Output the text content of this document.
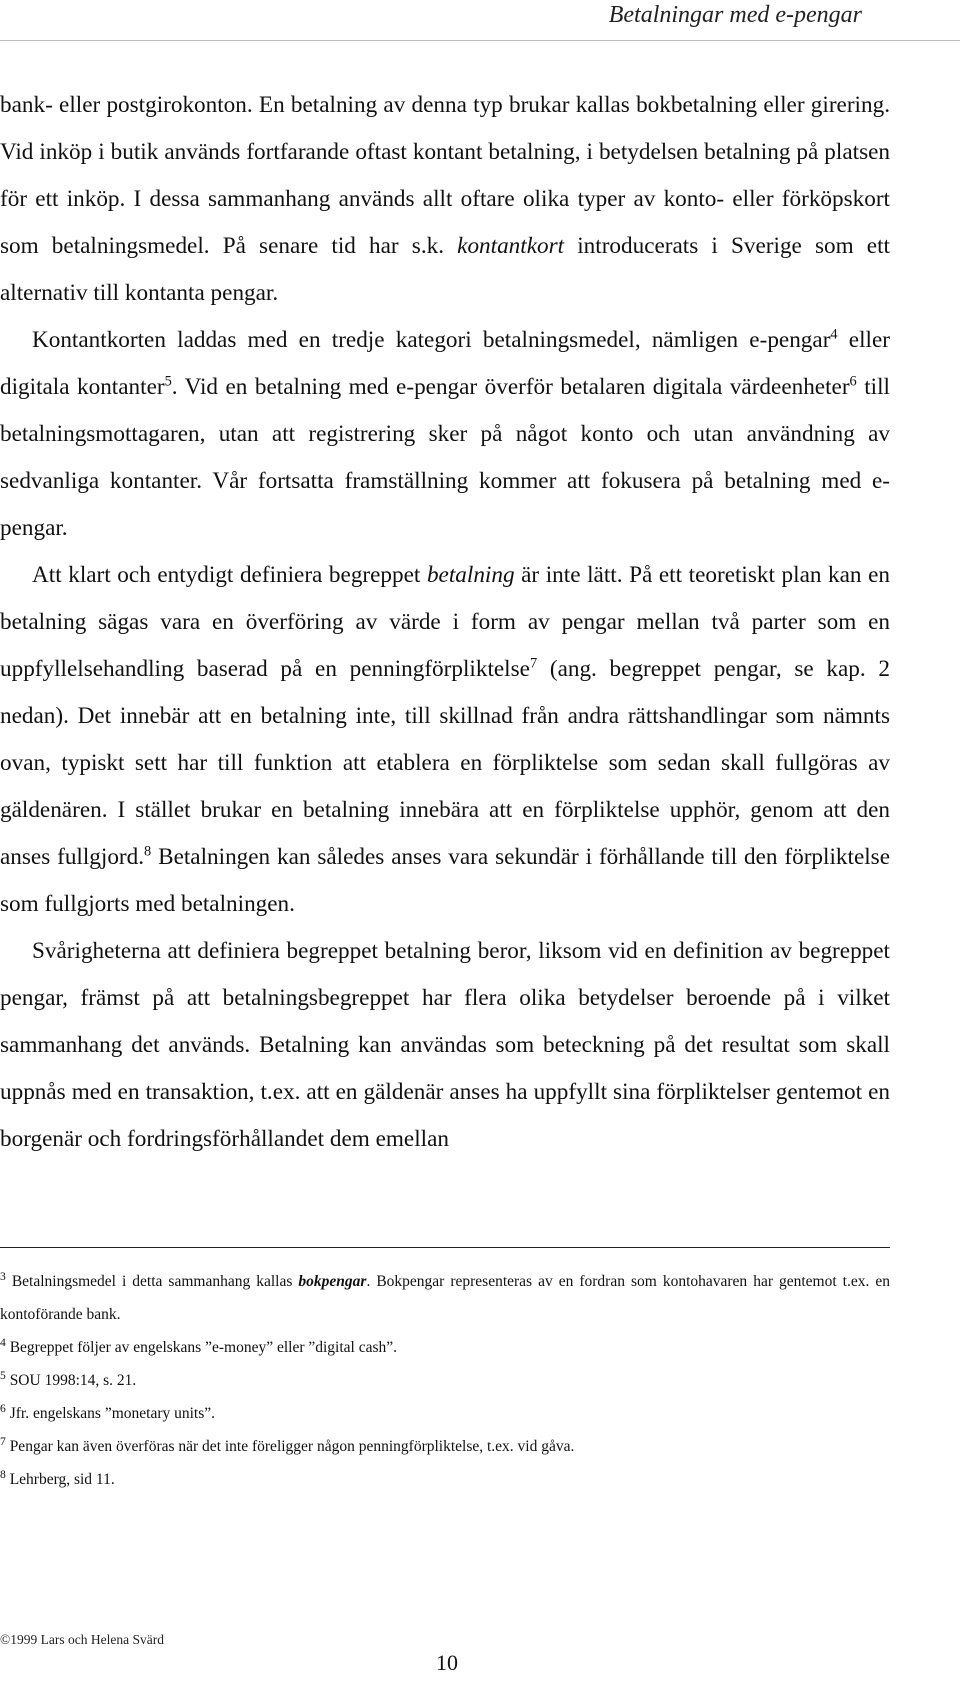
Betalningar med e-pengar

bank- eller postgirokonton. En betalning av denna typ brukar kallas bokbetalning eller girering. Vid inköp i butik används fortfarande oftast kontant betalning, i betydelsen betalning på platsen för ett inköp. I dessa sammanhang används allt oftare olika typer av konto- eller förköpskort som betalningsmedel. På senare tid har s.k. kontantkort introducerats i Sverige som ett alternativ till kontanta pengar.

Kontantkorten laddas med en tredje kategori betalningsmedel, nämligen e-pengar$^4$ eller digitala kontanter$^5$. Vid en betalning med e-pengar överför betalaren digitala värdeenheter$^6$ till betalningsmottagaren, utan att registrering sker på något konto och utan användning av sedvanliga kontanter. Vår fortsatta framställning kommer att fokusera på betalning med e-pengar.

Att klart och entydigt definiera begreppet betalning är inte lätt. På ett teoretiskt plan kan en betalning sägas vara en överföring av värde i form av pengar mellan två parter som en uppfyllelsehandling baserad på en penningförpliktelse$^7$ (ang. begreppet pengar, se kap. 2 nedan). Det innebär att en betalning inte, till skillnad från andra rättshandlingar som nämnts ovan, typiskt sett har till funktion att etablera en förpliktelse som sedan skall fullgöras av gäldenären. I stället brukar en betalning innebära att en förpliktelse upphör, genom att den anses fullgjord.$^8$ Betalningen kan således anses vara sekundär i förhållande till den förpliktelse som fullgjorts med betalningen.

Svårigheterna att definiera begreppet betalning beror, liksom vid en definition av begreppet pengar, främst på att betalningsbegreppet har flera olika betydelser beroende på i vilket sammanhang det används. Betalning kan användas som beteckning på det resultat som skall uppnås med en transaktion, t.ex. att en gäldenär anses ha uppfyllt sina förpliktelser gentemot en borgenär och fordringsförhållandet dem emellan

$^3$ Betalningsmedel i detta sammanhang kallas bokpengar. Bokpengar representeras av en fordran som kontohavaren har gentemot t.ex. en kontoförande bank.

$^4$ Begreppet följer av engelskans ”e-money” eller ”digital cash”.

$^5$ SOU 1998:14, s. 21.

$^6$ Jfr. engelskans ”monetary units”.

$^7$ Pengar kan även överföras när det inte föreligger någon penningförpliktelse, t.ex. vid gåva.

$^8$ Lehrberg, sid 11.

©1999 Lars och Helena Svärd
10
